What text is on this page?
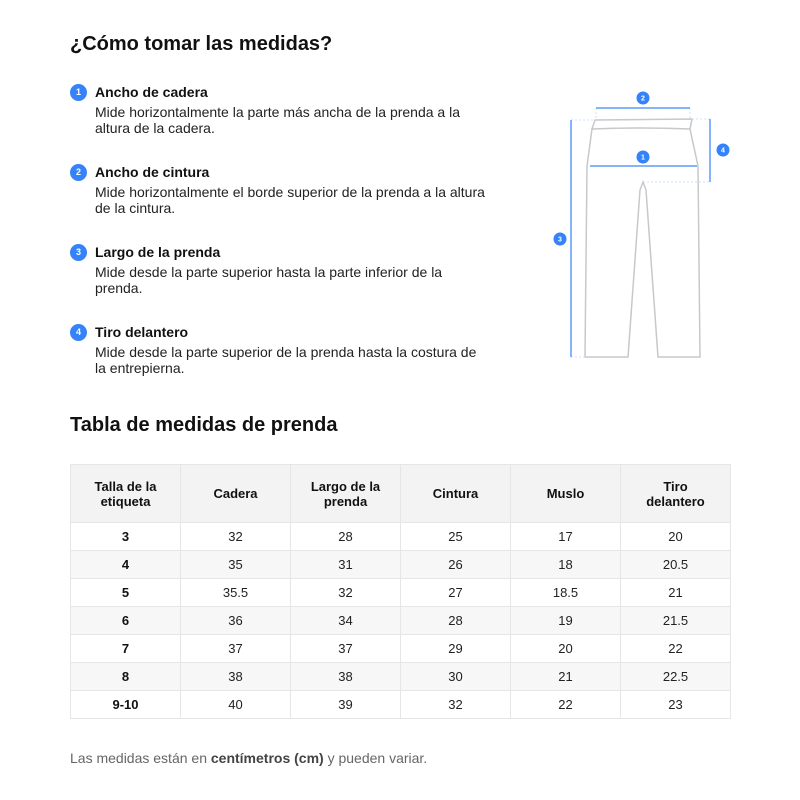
¿Cómo tomar las medidas?
1	Ancho de cadera
Mide horizontalmente la parte más ancha de la prenda a la altura de la cadera.
2	Ancho de cintura
Mide horizontalmente el borde superior de la prenda a la altura de la cintura.
3	Largo de la prenda
Mide desde la parte superior hasta la parte inferior de la prenda.
4	Tiro delantero
Mide desde la parte superior de la prenda hasta la costura de la entrepierna.
2
1
4
3
Tabla de medidas de prenda
Talla de la etiqueta	Cadera	Largo de la prenda	Cintura	Muslo	Tiro delantero
3	32	28	25	17	20
4	35	31	26	18	20.5
5	35.5	32	27	18.5	21
6	36	34	28	19	21.5
7	37	37	29	20	22
8	38	38	30	21	22.5
9-10	40	39	32	22	23
Las medidas están en centímetros (cm) y pueden variar.
